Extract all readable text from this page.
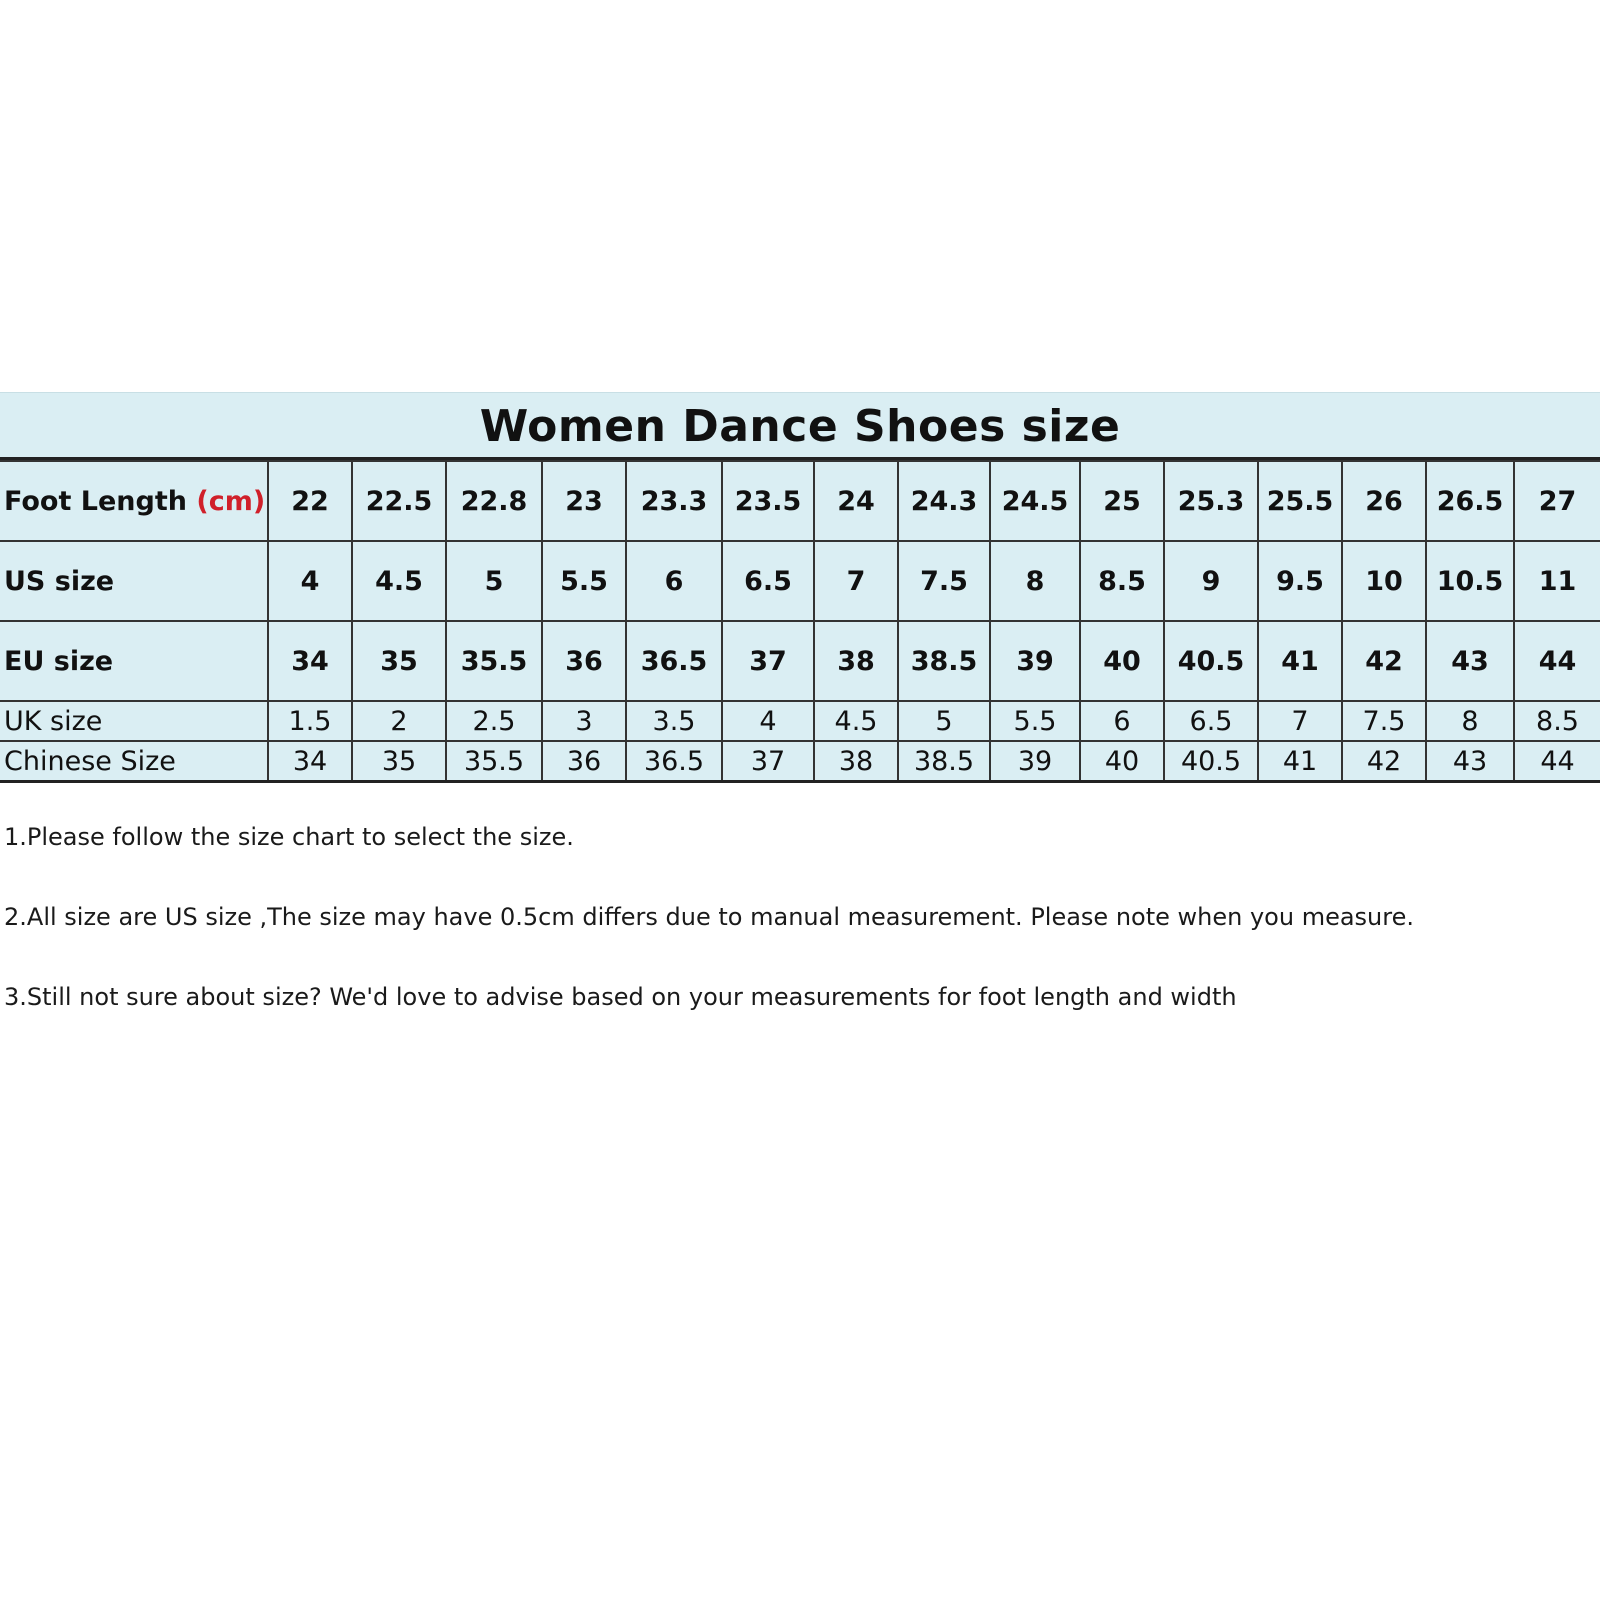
Women Dance Shoes size
Foot Length (cm)	22	22.5	22.8	23	23.3	23.5	24	24.3	24.5	25	25.3	25.5	26	26.5	27
US size	4	4.5	5	5.5	6	6.5	7	7.5	8	8.5	9	9.5	10	10.5	11
EU size	34	35	35.5	36	36.5	37	38	38.5	39	40	40.5	41	42	43	44
UK size	1.5	2	2.5	3	3.5	4	4.5	5	5.5	6	6.5	7	7.5	8	8.5
Chinese Size	34	35	35.5	36	36.5	37	38	38.5	39	40	40.5	41	42	43	44

1.Please follow the size chart to select the size.

2.All size are US size ,The size may have 0.5cm differs due to manual measurement. Please note when you measure.

3.Still not sure about size? We'd love to advise based on your measurements for foot length and width
